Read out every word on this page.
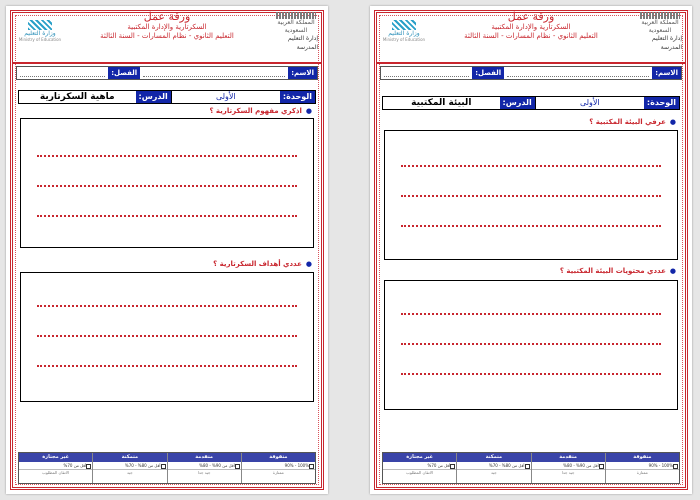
المملكة العربية السعودية
إدارة التعليم
المدرسة
ورقة عمل
السكرتارية والإدارة المكتبية
التعليم الثانوي - نظام المسارات - السنة الثالثة
وزارة التعليم
Ministry of Education
الاسم:
الفصل:
الوحدة:
الأولى
الدرس:
ماهية السكرتارية
●اذكري مفهوم السكرتارية ؟
●عددي أهداف السكرتارية ؟
متفوقة
100% - 90%
ممتازة
متقدمة
أقل من 90% - 80%
جيد جدا
متمكنة
أقل من 80% - 70%
جيد
غير مجتازة
أقل من 70%
الاتقان المطلوب
المملكة العربية السعودية
إدارة التعليم
المدرسة
ورقة عمل
السكرتارية والإدارة المكتبية
التعليم الثانوي - نظام المسارات - السنة الثالثة
وزارة التعليم
Ministry of Education
الاسم:
الفصل:
الوحدة:
الأولى
الدرس:
البيئة المكتبية
●عرفي البيئة المكتبية ؟
●عددي محتويات البيئة المكتبية ؟
متفوقة
100% - 90%
ممتازة
متقدمة
أقل من 90% - 80%
جيد جدا
متمكنة
أقل من 80% - 70%
جيد
غير مجتازة
أقل من 70%
الاتقان المطلوب
